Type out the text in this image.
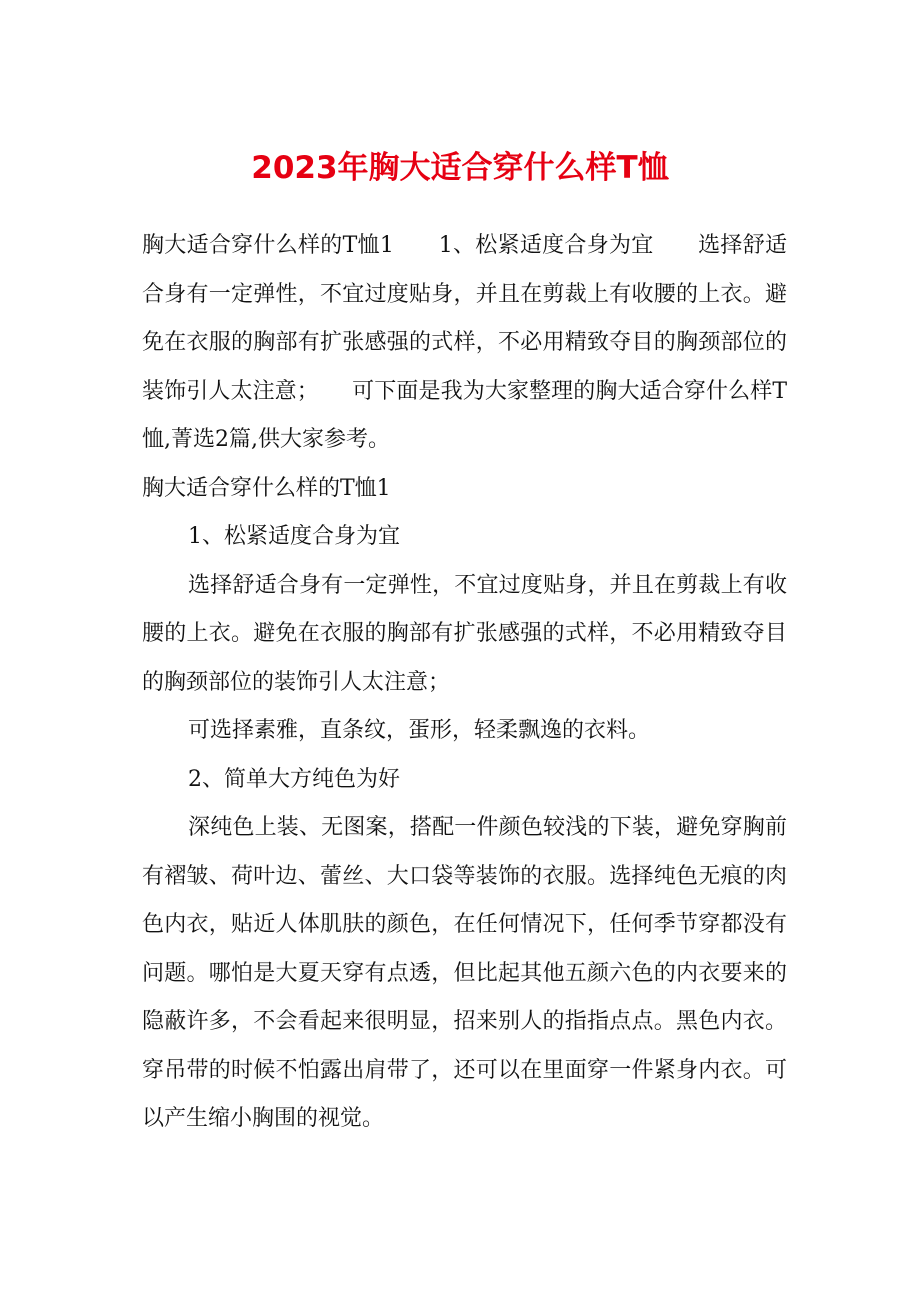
2023年胸大适合穿什么样T恤

胸大适合穿什么样的T恤1　　1、松紧适度合身为宜　　选择舒适合身有一定弹性，不宜过度贴身，并且在剪裁上有收腰的上衣。避免在衣服的胸部有扩张感强的式样，不必用精致夺目的胸颈部位的装饰引人太注意；　　可下面是我为大家整理的胸大适合穿什么样T恤,菁选2篇,供大家参考。

胸大适合穿什么样的T恤1

1、松紧适度合身为宜

选择舒适合身有一定弹性，不宜过度贴身，并且在剪裁上有收腰的上衣。避免在衣服的胸部有扩张感强的式样，不必用精致夺目的胸颈部位的装饰引人太注意；

可选择素雅，直条纹，蛋形，轻柔飘逸的衣料。

2、简单大方纯色为好

深纯色上装、无图案，搭配一件颜色较浅的下装，避免穿胸前有褶皱、荷叶边、蕾丝、大口袋等装饰的衣服。选择纯色无痕的肉色内衣，贴近人体肌肤的颜色，在任何情况下，任何季节穿都没有问题。哪怕是大夏天穿有点透，但比起其他五颜六色的内衣要来的隐蔽许多，不会看起来很明显，招来别人的指指点点。黑色内衣。穿吊带的时候不怕露出肩带了，还可以在里面穿一件紧身内衣。可以产生缩小胸围的视觉。
